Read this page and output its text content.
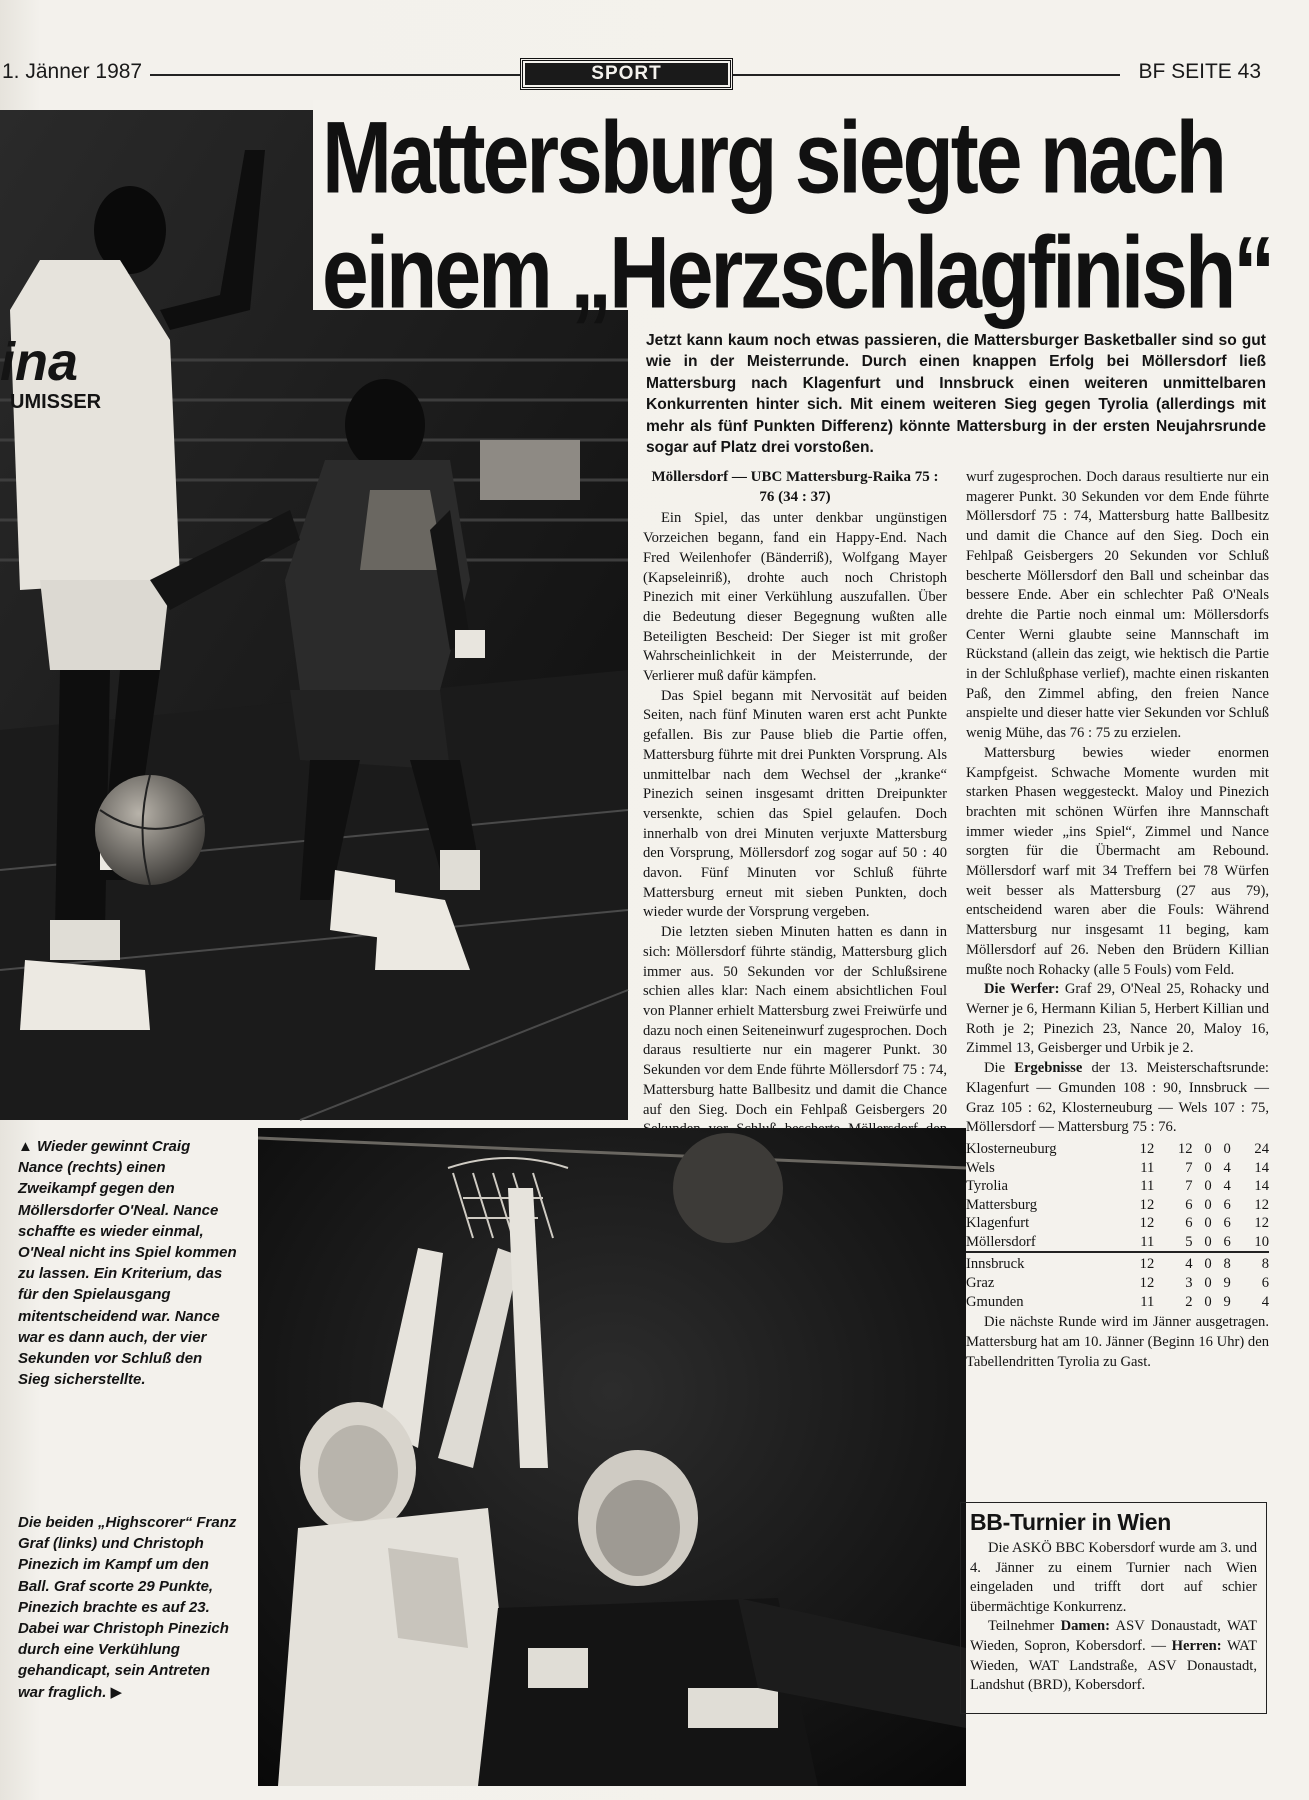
1. Jänner 1987	SPORT	BF SEITE 43
ina
UMISSER
Mattersburg siegte nach
einem „Herzschlagfinish“
Jetzt kann kaum noch etwas passieren, die Mattersburger Basketballer sind so gut wie in der Meisterrunde. Durch einen knappen Erfolg bei Möllersdorf ließ Mattersburg nach Klagenfurt und Innsbruck einen weiteren unmittelbaren Konkurrenten hinter sich. Mit einem weiteren Sieg gegen Tyrolia (allerdings mit mehr als fünf Punkten Differenz) könnte Mattersburg in der ersten Neujahrsrunde sogar auf Platz drei vorstoßen.

Möllersdorf — UBC Mattersburg-Raika 75 : 76 (34 : 37)

Ein Spiel, das unter denkbar ungünstigen Vorzeichen begann, fand ein Happy-End. Nach Fred Weilenhofer (Bänderriß), Wolfgang Mayer (Kapseleinriß), drohte auch noch Christoph Pinezich mit einer Verkühlung auszufallen. Über die Bedeutung dieser Begegnung wußten alle Beteiligten Bescheid: Der Sieger ist mit großer Wahrscheinlichkeit in der Meisterrunde, der Verlierer muß dafür kämpfen.

Das Spiel begann mit Nervosität auf beiden Seiten, nach fünf Minuten waren erst acht Punkte gefallen. Bis zur Pause blieb die Partie offen, Mattersburg führte mit drei Punkten Vorsprung. Als unmittelbar nach dem Wechsel der „kranke“ Pinezich seinen insgesamt dritten Dreipunkter versenkte, schien das Spiel gelaufen. Doch innerhalb von drei Minuten verjuxte Mattersburg den Vorsprung, Möllersdorf zog sogar auf 50 : 40 davon. Fünf Minuten vor Schluß führte Mattersburg erneut mit sieben Punkten, doch wieder wurde der Vorsprung vergeben.

Die letzten sieben Minuten hatten es dann in sich: Möllersdorf führte ständig, Mattersburg glich immer aus. 50 Sekunden vor der Schlußsirene schien alles klar: Nach einem absichtlichen Foul von Planner erhielt Mattersburg zwei Freiwürfe und dazu noch einen Seiteneinwurf zugesprochen. Doch daraus resultierte nur ein magerer Punkt. 30 Sekunden vor dem Ende führte Möllersdorf 75 : 74, Mattersburg hatte Ballbesitz und damit die Chance auf den Sieg. Doch ein Fehlpaß Geisbergers 20

wurf zugesprochen. Doch daraus resultierte nur ein magerer Punkt. 30 Sekunden vor dem Ende führte Möllersdorf 75 : 74, Mattersburg hatte Ballbesitz und damit die Chance auf den Sieg. Doch ein Fehlpaß Geisbergers 20 Sekunden vor Schluß bescherte Möllersdorf den Ball und scheinbar das bessere Ende. Aber ein schlechter Paß O'Neals drehte die Partie noch einmal um: Möllersdorfs Center Werni glaubte seine Mannschaft im Rückstand (allein das zeigt, wie hektisch die Partie in der Schlußphase verlief), machte einen riskanten Paß, den Zimmel abfing, den freien Nance anspielte und dieser hatte vier Sekunden vor Schluß wenig Mühe, das 76 : 75 zu erzielen.

Mattersburg bewies wieder enormen Kampfgeist. Schwache Momente wurden mit starken Phasen weggesteckt. Maloy und Pinezich brachten mit schönen Würfen ihre Mannschaft immer wieder „ins Spiel“, Zimmel und Nance sorgten für die Übermacht am Rebound. Möllersdorf warf mit 34 Treffern bei 78 Würfen weit besser als Mattersburg (27 aus 79), entscheidend waren aber die Fouls: Während Mattersburg nur insgesamt 11 beging, kam Möllersdorf auf 26. Neben den Brüdern Killian mußte noch Rohacky (alle 5 Fouls) vom Feld.

Die Werfer: Graf 29, O'Neal 25, Rohacky und Werner je 6, Hermann Kilian 5, Herbert Killian und Roth je 2; Pinezich 23, Nance 20, Maloy 16, Zimmel 13, Geisberger und Urbik je 2.

Die Ergebnisse der 13. Meisterschaftsrunde: Klagenfurt — Gmunden 108 : 90, Innsbruck — Graz 105 : 62, Klosterneuburg — Wels 107 : 75, Möllersdorf — Mattersburg 75 : 76.

Klosterneuburg	12	12	0	0	24
Wels	11	7	0	4	14
Tyrolia	11	7	0	4	14
Mattersburg	12	6	0	6	12
Klagenfurt	12	6	0	6	12
Möllersdorf	11	5	0	6	10
Innsbruck	12	4	0	8	8
Graz	12	3	0	9	6
Gmunden	11	2	0	9	4

Die nächste Runde wird im Jänner ausgetragen. Mattersburg hat am 10. Jänner (Beginn 16 Uhr) den Tabellendritten Tyrolia zu Gast.

▲ Wieder gewinnt Craig Nance (rechts) einen Zweikampf gegen den Möllersdorfer O'Neal. Nance schaffte es wieder einmal, O'Neal nicht ins Spiel kommen zu lassen. Ein Kriterium, das für den Spielausgang mitentscheidend war. Nance war es dann auch, der vier Sekunden vor Schluß den Sieg sicherstellte.
Die beiden „Highscorer“ Franz Graf (links) und Christoph Pinezich im Kampf um den Ball. Graf scorte 29 Punkte, Pinezich brachte es auf 23. Dabei war Christoph Pinezich durch eine Verkühlung gehandicapt, sein Antreten war fraglich. ▶
BB-Turnier in Wien

Die ASKÖ BBC Kobersdorf wurde am 3. und 4. Jänner zu einem Turnier nach Wien eingeladen und trifft dort auf schier übermächtige Konkurrenz.

Teilnehmer Damen: ASV Donaustadt, WAT Wieden, Sopron, Kobersdorf. — Herren: WAT Wieden, WAT Landstraße, ASV Donaustadt, Landshut (BRD), Kobersdorf.
